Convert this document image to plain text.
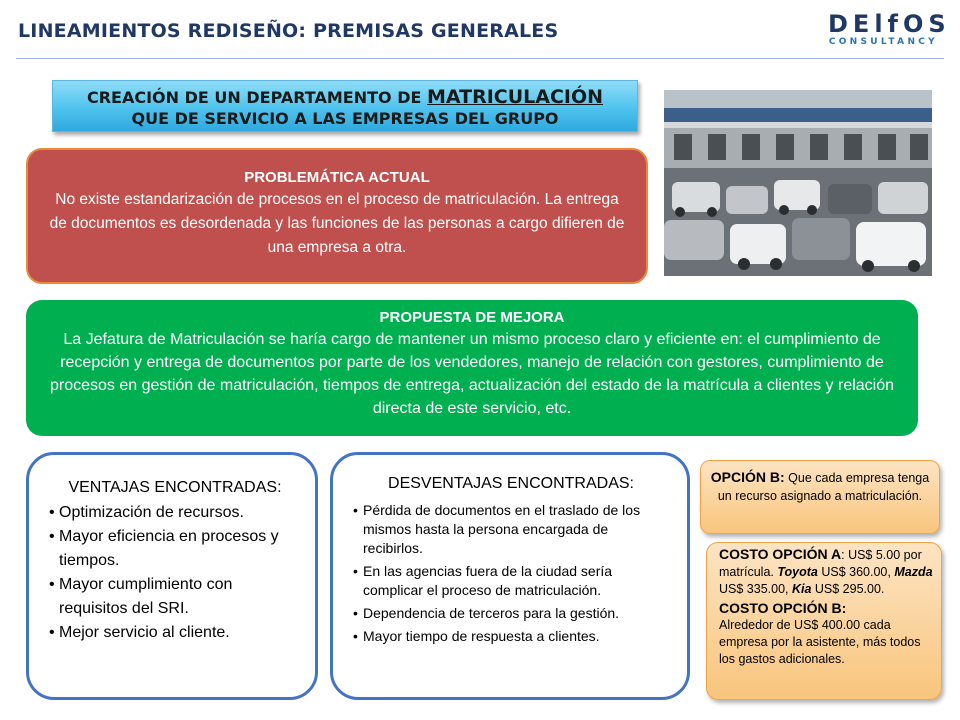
LINEAMIENTOS REDISEÑO: PREMISAS GENERALES	DElfOS
CONSULTANCY
CREACIÓN DE UN DEPARTAMENTO DE MATRICULACIÓN
QUE DE SERVICIO A LAS EMPRESAS DEL GRUPO
PROBLEMÁTICA ACTUAL
No existe estandarización de procesos en el proceso de matriculación. La entrega de documentos es desordenada y las funciones de las personas a cargo difieren de una empresa a otra.
PROPUESTA DE MEJORA
La Jefatura de Matriculación se haría cargo de mantener un mismo proceso claro y eficiente en: el cumplimiento de recepción y entrega de documentos por parte de los vendedores, manejo de relación con gestores, cumplimiento de procesos en gestión de matriculación, tiempos de entrega, actualización del estado de la matrícula a clientes y relación directa de este servicio, etc.
VENTAJAS ENCONTRADAS:
• Optimización de recursos.
• Mayor eficiencia en procesos y tiempos.
• Mayor cumplimiento con requisitos del SRI.
• Mejor servicio al cliente.
DESVENTAJAS ENCONTRADAS:
• Pérdida de documentos en el traslado de los mismos hasta la persona encargada de recibirlos.
• En las agencias fuera de la ciudad sería complicar el proceso de matriculación.
• Dependencia de terceros para la gestión.
• Mayor tiempo de respuesta a clientes.
OPCIÓN B: Que cada empresa tenga un recurso asignado a matriculación.
COSTO OPCIÓN A: US$ 5.00 por matrícula. Toyota US$ 360.00, Mazda US$ 335.00, Kia US$ 295.00.
COSTO OPCIÓN B:
Alrededor de US$ 400.00 cada empresa por la asistente, más todos los gastos adicionales.
